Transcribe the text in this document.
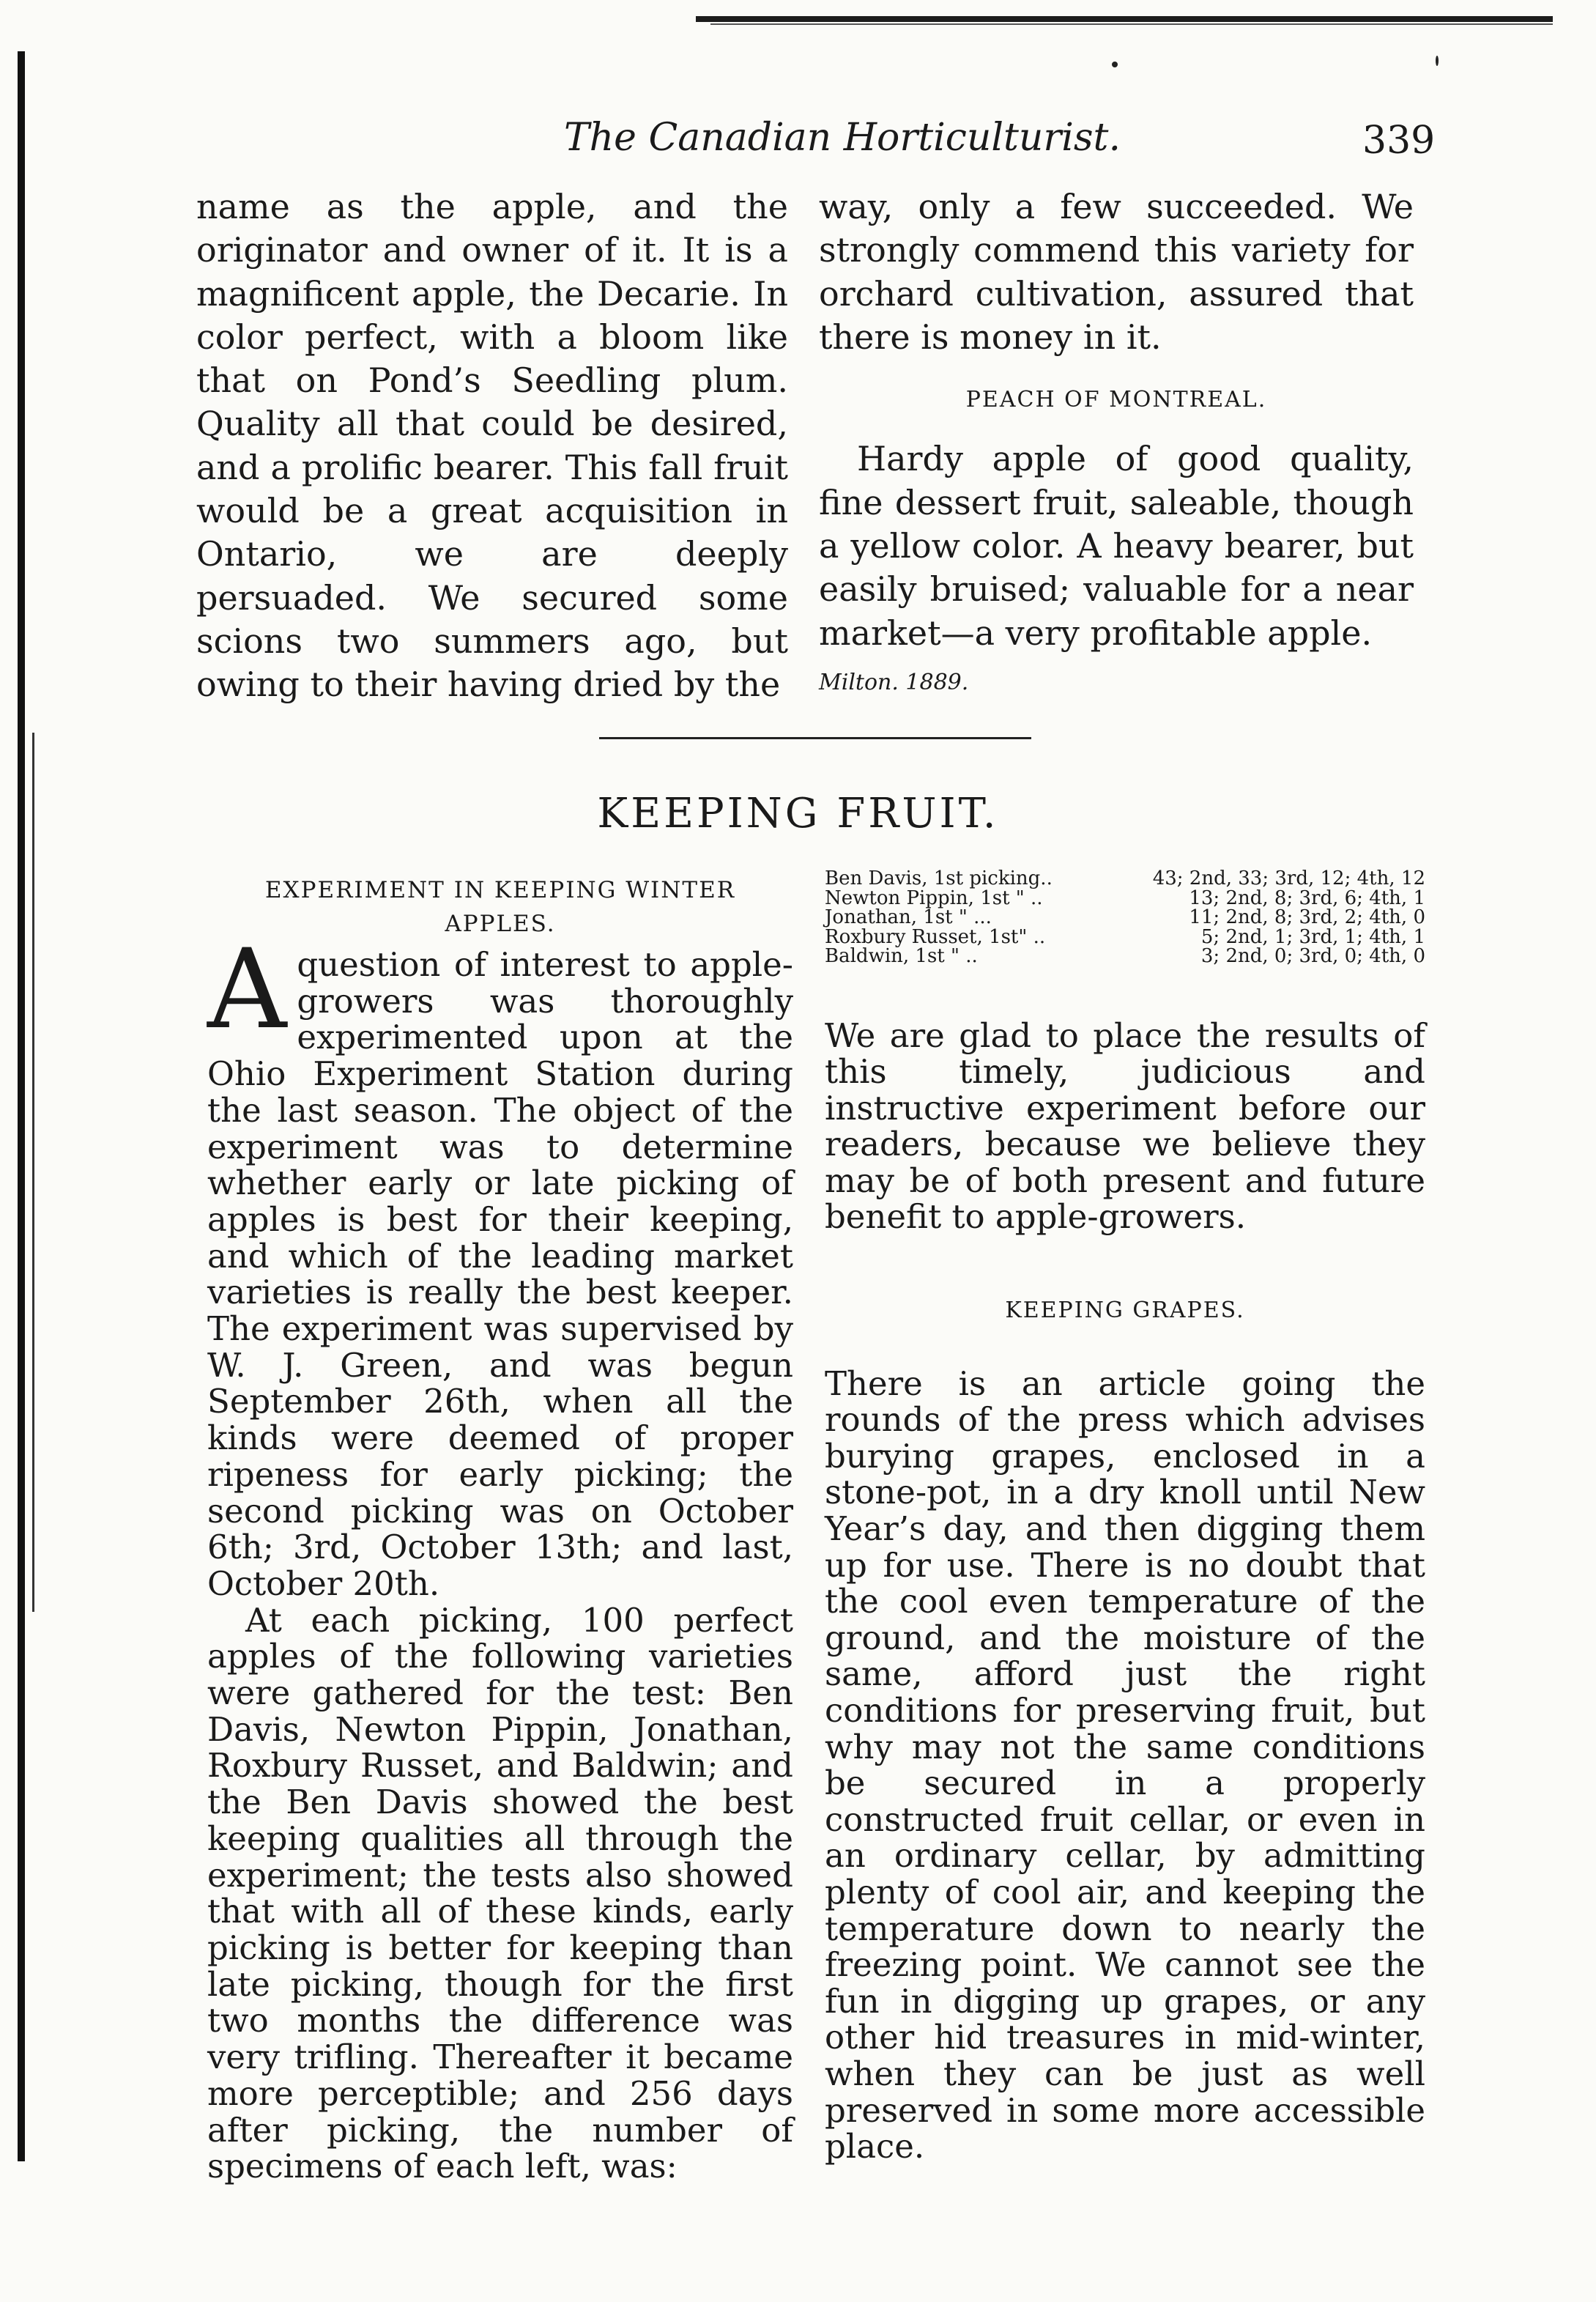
The Canadian Horticulturist.	339

name as the apple, and the originator and owner of it. It is a magnificent apple, the Decarie. In color perfect, with a bloom like that on Pond’s Seedling plum. Quality all that could be desired, and a prolific bearer. This fall fruit would be a great acquisition in Ontario, we are deeply persuaded. We secured some scions two summers ago, but owing to their having dried by the

way, only a few succeeded. We strongly commend this variety for orchard cultivation, assured that there is money in it.

PEACH OF MONTREAL.

Hardy apple of good quality, fine dessert fruit, saleable, though a yellow color. A heavy bearer, but easily bruised; valuable for a near market—a very profitable apple.

Milton. 1889.
KEEPING FRUIT.
EXPERIMENT IN KEEPING WINTER APPLES.

Aquestion of interest to apple-growers was thoroughly experimented upon at the Ohio Experiment Station during the last season. The object of the experiment was to determine whether early or late picking of apples is best for their keeping, and which of the leading market varieties is really the best keeper. The experiment was supervised by W. J. Green, and was begun September 26th, when all the kinds were deemed of proper ripeness for early picking; the second picking was on October 6th; 3rd, October 13th; and last, October 20th.

At each picking, 100 perfect apples of the following varieties were gathered for the test: Ben Davis, Newton Pippin, Jonathan, Roxbury Russet, and Baldwin; and the Ben Davis showed the best keeping qualities all through the experiment; the tests also showed that with all of these kinds, early picking is better for keeping than late picking, though for the first two months the difference was very trifling. Thereafter it became more perceptible; and 256 days after picking, the number of specimens of each left, was:

Ben Davis, 1st picking..	43; 2nd, 33; 3rd, 12; 4th, 12
Newton Pippin, 1st " ..	13; 2nd, 8; 3rd, 6; 4th, 1
Jonathan, 1st " ...	11; 2nd, 8; 3rd, 2; 4th, 0
Roxbury Russet, 1st" ..	5; 2nd, 1; 3rd, 1; 4th, 1
Baldwin, 1st " ..	3; 2nd, 0; 3rd, 0; 4th, 0

We are glad to place the results of this timely, judicious and instructive experiment before our readers, because we believe they may be of both present and future benefit to apple-growers.

KEEPING GRAPES.

There is an article going the rounds of the press which advises burying grapes, enclosed in a stone-pot, in a dry knoll until New Year’s day, and then digging them up for use. There is no doubt that the cool even temperature of the ground, and the moisture of the same, afford just the right conditions for preserving fruit, but why may not the same conditions be secured in a properly constructed fruit cellar, or even in an ordinary cellar, by admitting plenty of cool air, and keeping the temperature down to nearly the freezing point. We cannot see the fun in digging up grapes, or any other hid treasures in mid-winter, when they can be just as well preserved in some more accessible place.
